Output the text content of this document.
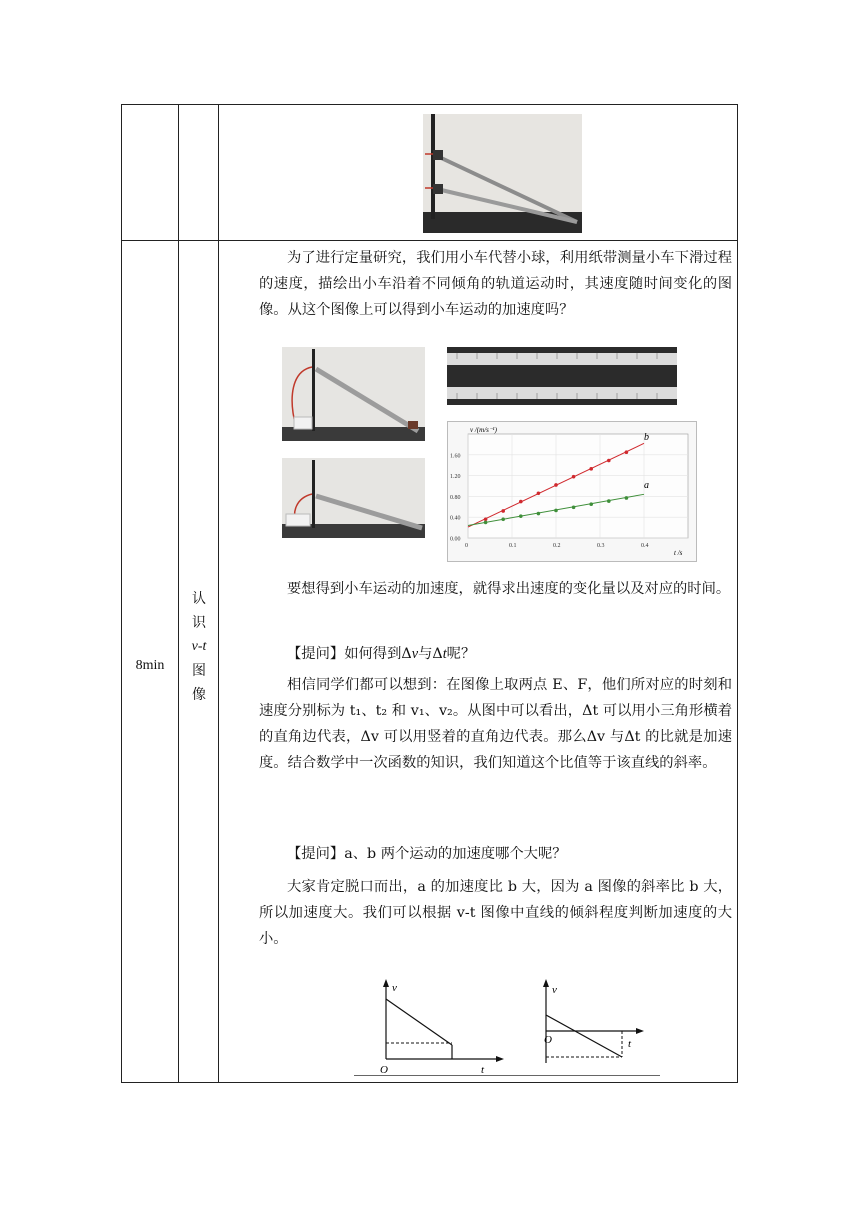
8min
认
识
v-t
图
像
为了进行定量研究，我们用小车代替小球，利用纸带测量小车下滑过程的速度，描绘出小车沿着不同倾角的轨道运动时，其速度随时间变化的图像。从这个图像上可以得到小车运动的加速度吗？
0.00
0.40
0.80
1.20
1.60
0	0.1	0.2	0.3	0.4
v /(m/s⁻¹)
t /s
b
a
要想得到小车运动的加速度，就得求出速度的变化量以及对应的时间。
【提问】如何得到Δv与Δt呢？
相信同学们都可以想到：在图像上取两点 E、F，他们所对应的时刻和速度分别标为 t₁、t₂ 和 v₁、v₂。从图中可以看出，Δt 可以用小三角形横着的直角边代表，Δv 可以用竖着的直角边代表。那么Δv 与Δt 的比就是加速度。结合数学中一次函数的知识，我们知道这个比值等于该直线的斜率。
【提问】a、b 两个运动的加速度哪个大呢？
大家肯定脱口而出，a 的加速度比 b 大，因为 a 图像的斜率比 b 大，所以加速度大。我们可以根据 v-t 图像中直线的倾斜程度判断加速度的大小。
v
t
O
v
t
O
